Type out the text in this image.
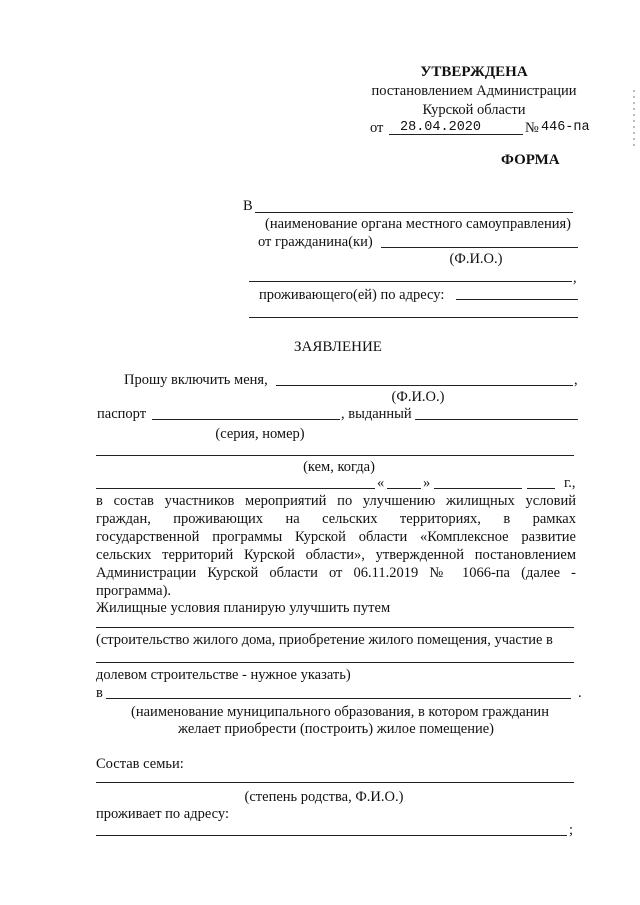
УТВЕРЖДЕНА
постановлением Администрации
Курской области
от 28.04.2020	№ 446-па
ФОРМА
В
(наименование органа местного самоуправления)
от гражданина(ки)
(Ф.И.О.)
,
проживающего(ей) по адресу:
ЗАЯВЛЕНИЕ
Прошу включить меня,	,
(Ф.И.О.)
паспорт	, выданный
(серия, номер)
(кем, когда)
«	»	г.,
в состав участников мероприятий по улучшению жилищных условий
граждан, проживающих на сельских территориях, в рамках
государственной программы Курской области «Комплексное развитие
сельских территорий Курской области», утвержденной постановлением
Администрации Курской области от 06.11.2019 № 1066-па (далее -
программа).
Жилищные условия планирую улучшить путем
(строительство жилого дома, приобретение жилого помещения, участие в
долевом строительстве - нужное указать)
в	.
(наименование муниципального образования, в котором гражданин
желает приобрести (построить) жилое помещение)
Состав семьи:
(степень родства, Ф.И.О.)
проживает по адресу:
;
